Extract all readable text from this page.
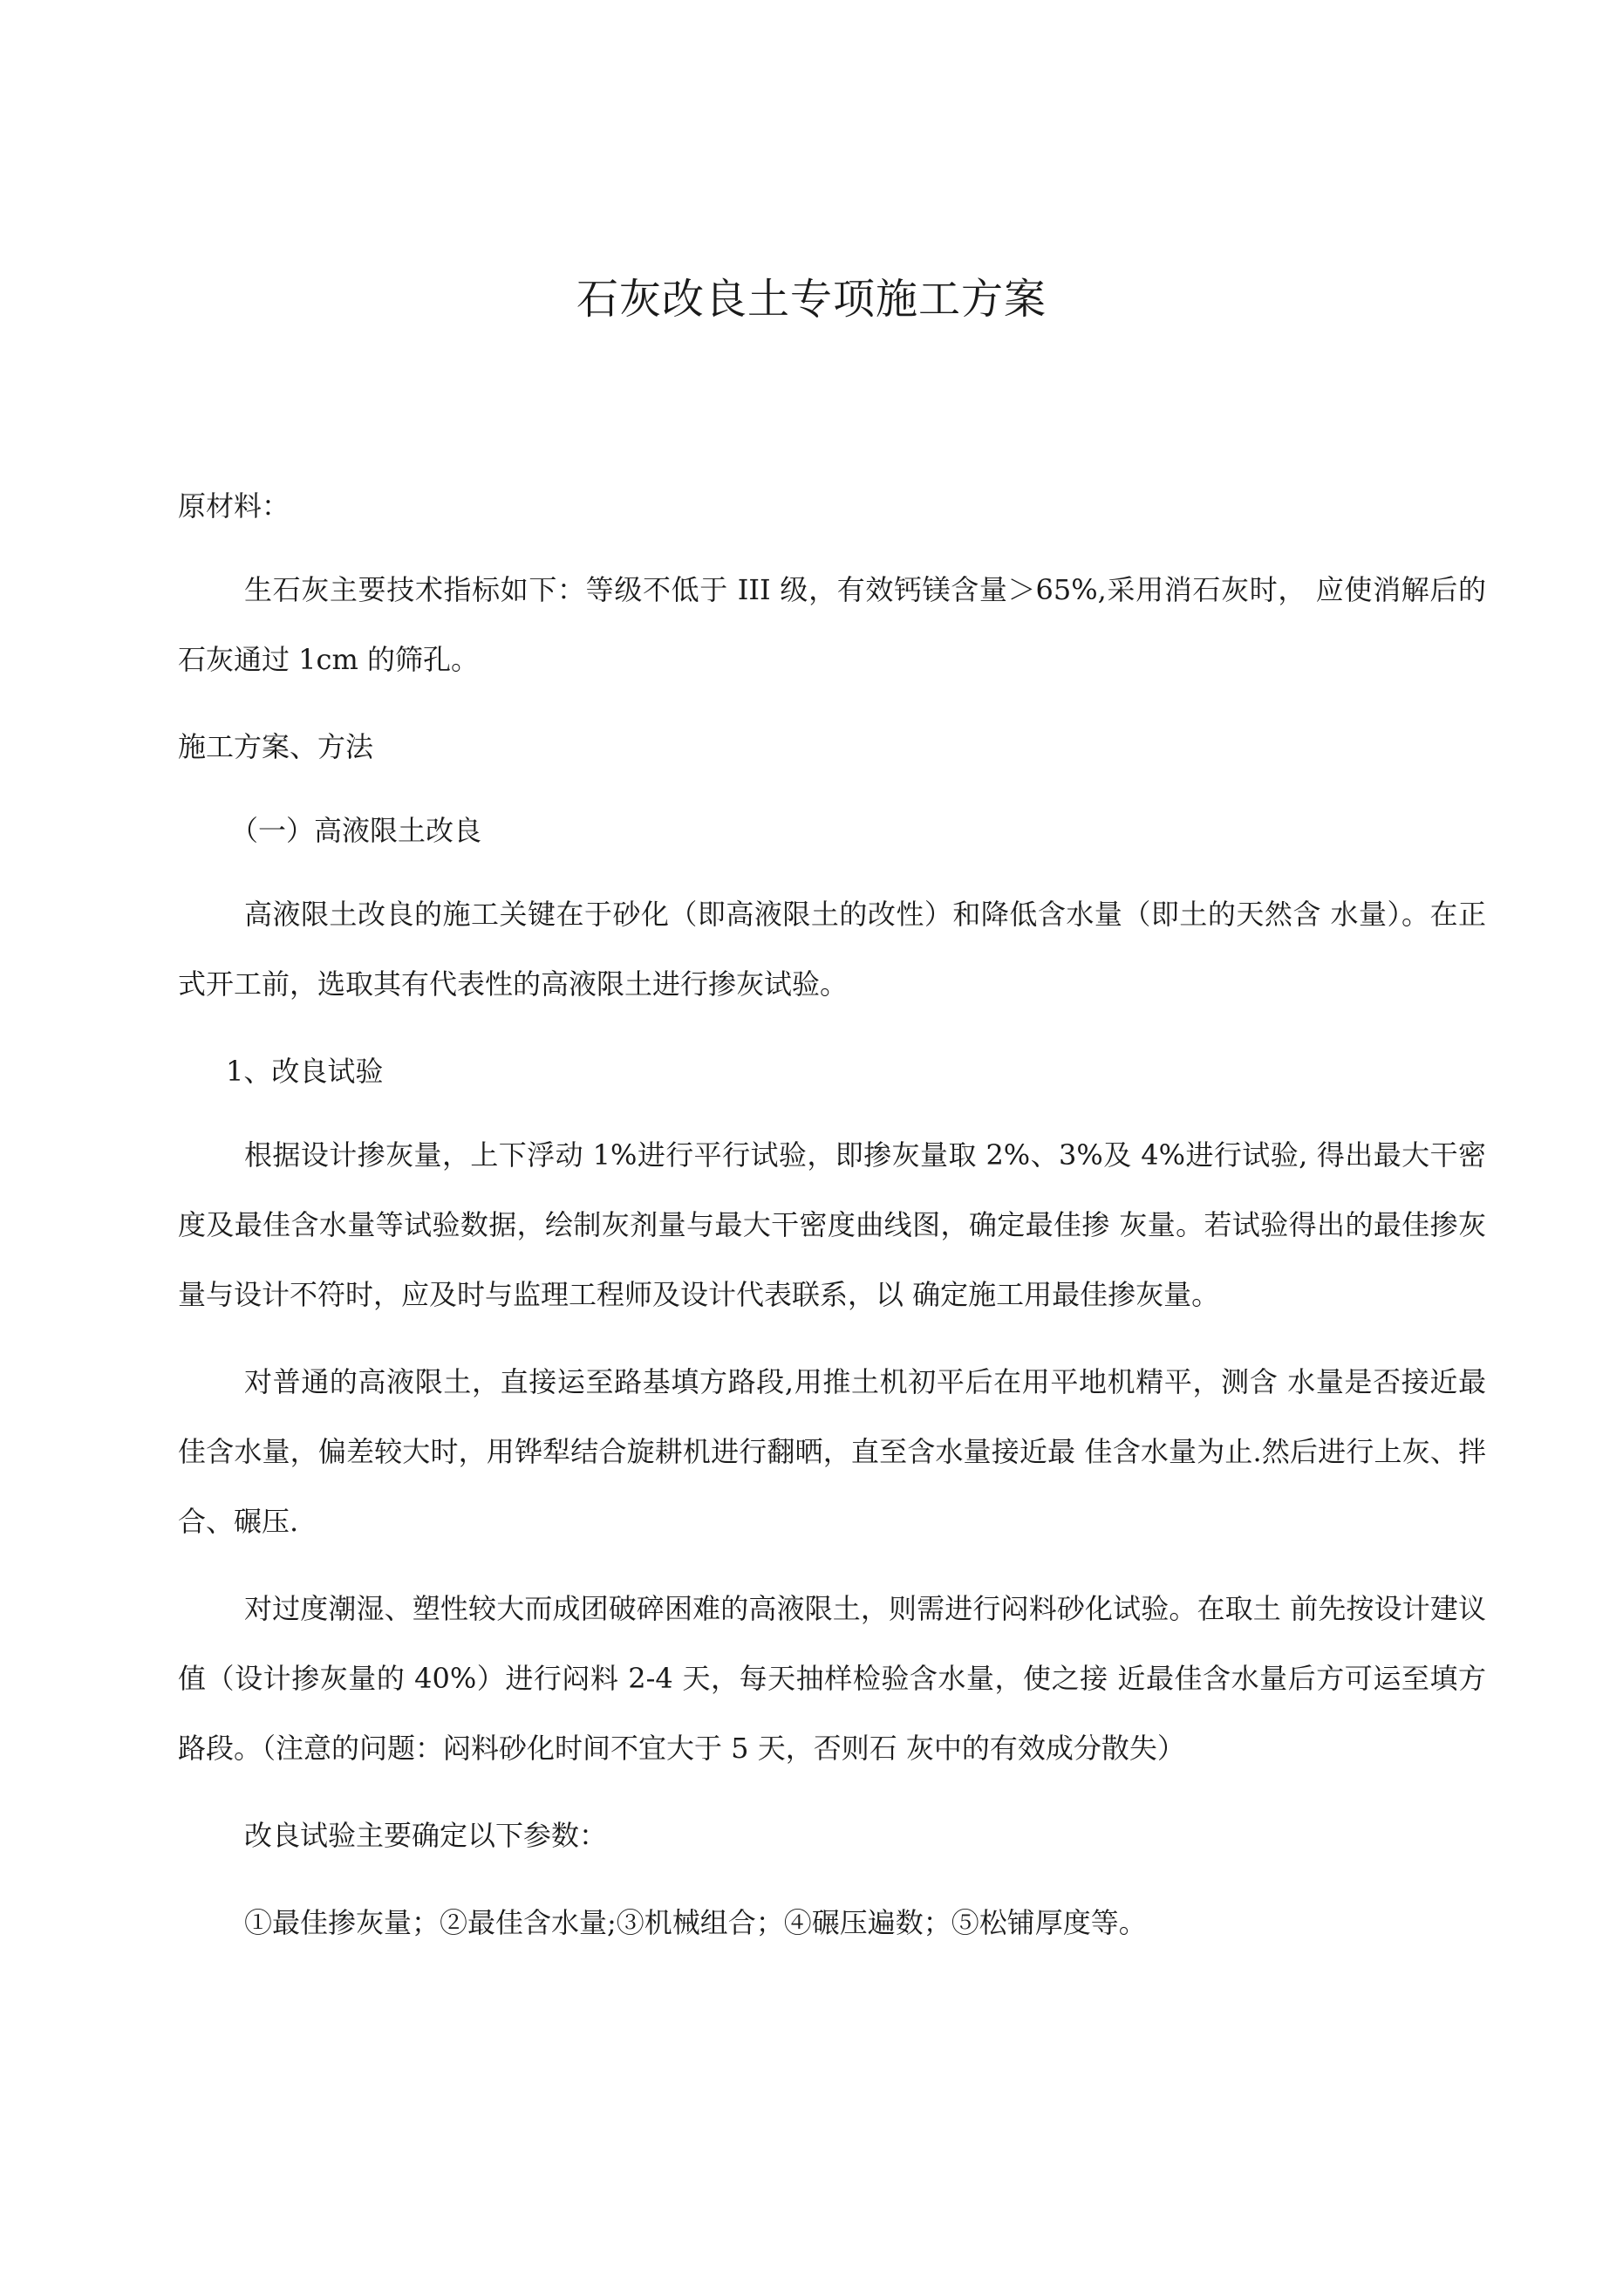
石灰改良土专项施工方案

原材料：

生石灰主要技术指标如下：等级不低于 III 级，有效钙镁含量＞65%,采用消石灰时， 应使消解后的石灰通过 1cm 的筛孔。

施工方案、方法

（一）高液限土改良

高液限土改良的施工关键在于砂化（即高液限土的改性）和降低含水量（即土的天然含 水量）。在正式开工前，选取其有代表性的高液限土进行掺灰试验。

1、改良试验

根据设计掺灰量，上下浮动 1%进行平行试验，即掺灰量取 2%、3%及 4%进行试验, 得出最大干密度及最佳含水量等试验数据，绘制灰剂量与最大干密度曲线图，确定最佳掺 灰量。若试验得出的最佳掺灰量与设计不符时，应及时与监理工程师及设计代表联系，以 确定施工用最佳掺灰量。

对普通的高液限土，直接运至路基填方路段,用推土机初平后在用平地机精平，测含 水量是否接近最佳含水量，偏差较大时，用铧犁结合旋耕机进行翻晒，直至含水量接近最 佳含水量为止.然后进行上灰、拌合、碾压.

对过度潮湿、塑性较大而成团破碎困难的高液限土，则需进行闷料砂化试验。在取土 前先按设计建议值（设计掺灰量的 40%）进行闷料 2-4 天，每天抽样检验含水量，使之接 近最佳含水量后方可运至填方路段。（注意的问题：闷料砂化时间不宜大于 5 天，否则石 灰中的有效成分散失）

改良试验主要确定以下参数：

①最佳掺灰量；②最佳含水量;③机械组合；④碾压遍数；⑤松铺厚度等。
